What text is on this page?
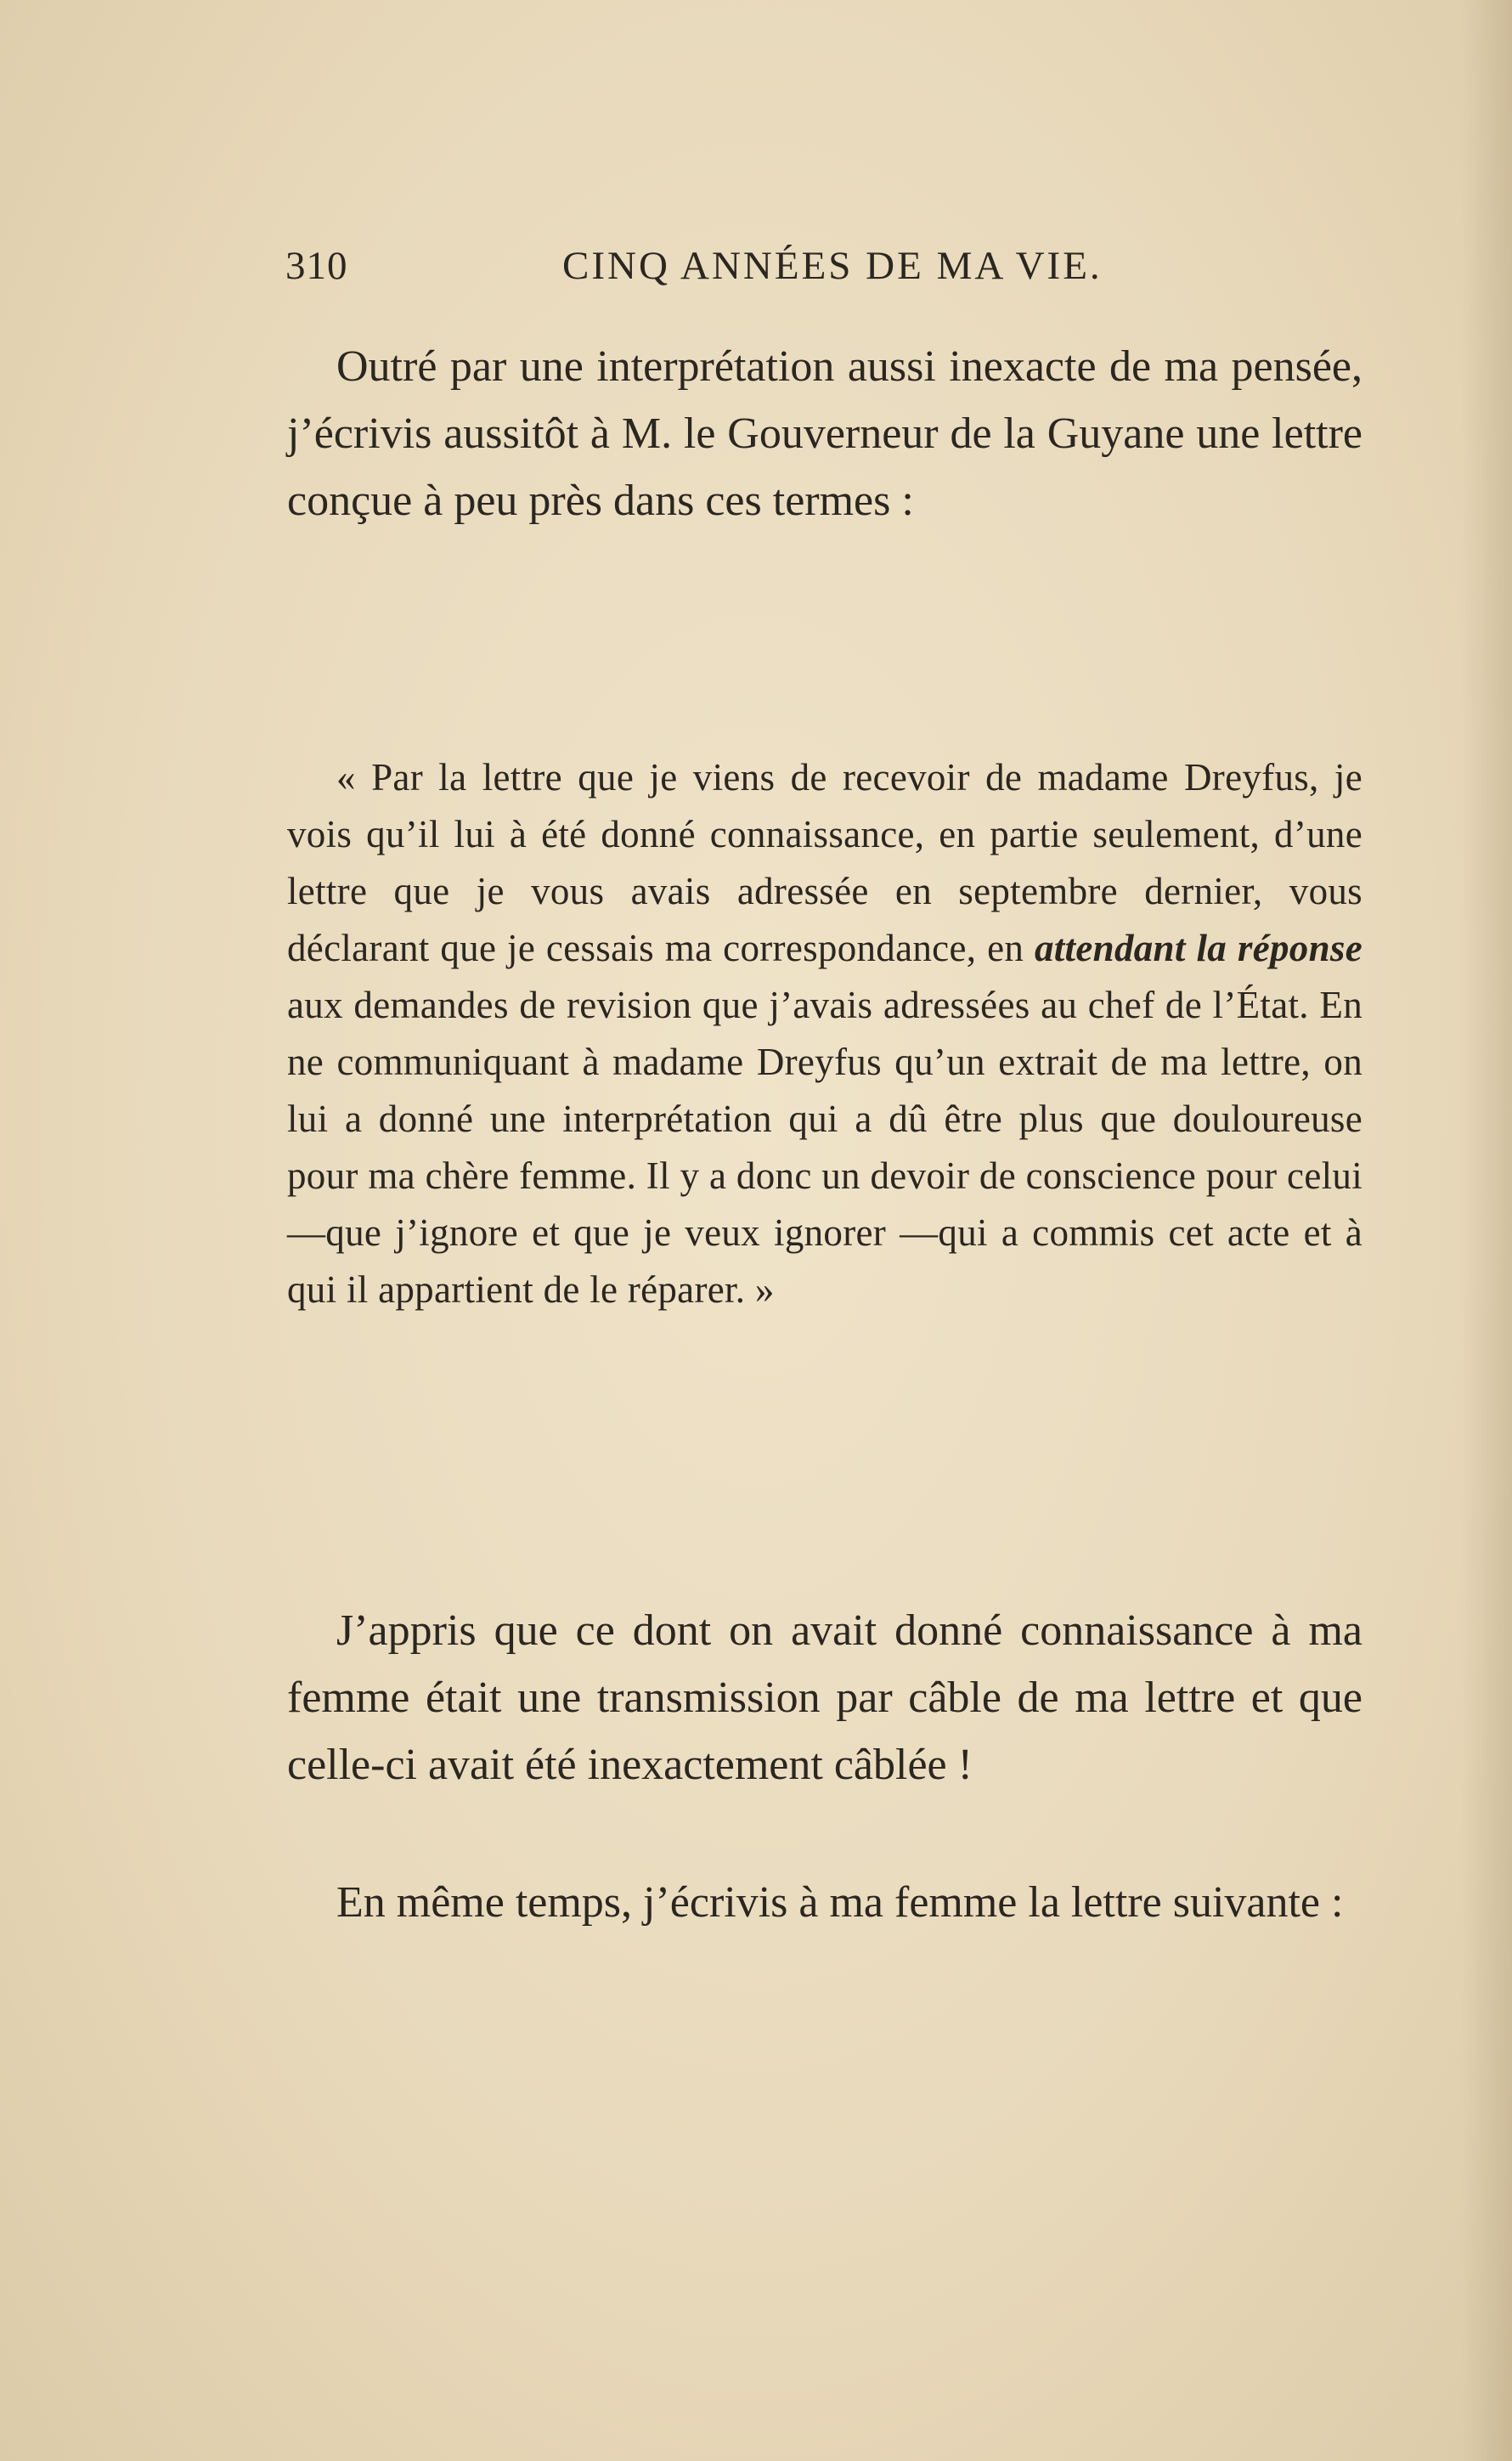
310	CINQ ANNÉES DE MA VIE.

Outré par une interprétation aussi inexacte de ma pensée, j’écrivis aussitôt à M. le Gouverneur de la Guyane une lettre conçue à peu près dans ces termes :

« Par la lettre que je viens de recevoir de madame Dreyfus, je vois qu’il lui à été donné connaissance, en partie seulement, d’une lettre que je vous avais adressée en septembre dernier, vous déclarant que je cessais ma correspondance, en attendant la réponse aux demandes de revision que j’avais adressées au chef de l’État. En ne communiquant à madame Dreyfus qu’un extrait de ma lettre, on lui a donné une interprétation qui a dû être plus que douloureuse pour ma chère femme. Il y a donc un devoir de conscience pour celui —que j’ignore et que je veux ignorer —qui a commis cet acte et à qui il appartient de le réparer. »

J’appris que ce dont on avait donné connaissance à ma femme était une transmission par câble de ma lettre et que celle-ci avait été inexactement câblée !

En même temps, j’écrivis à ma femme la lettre suivante :
